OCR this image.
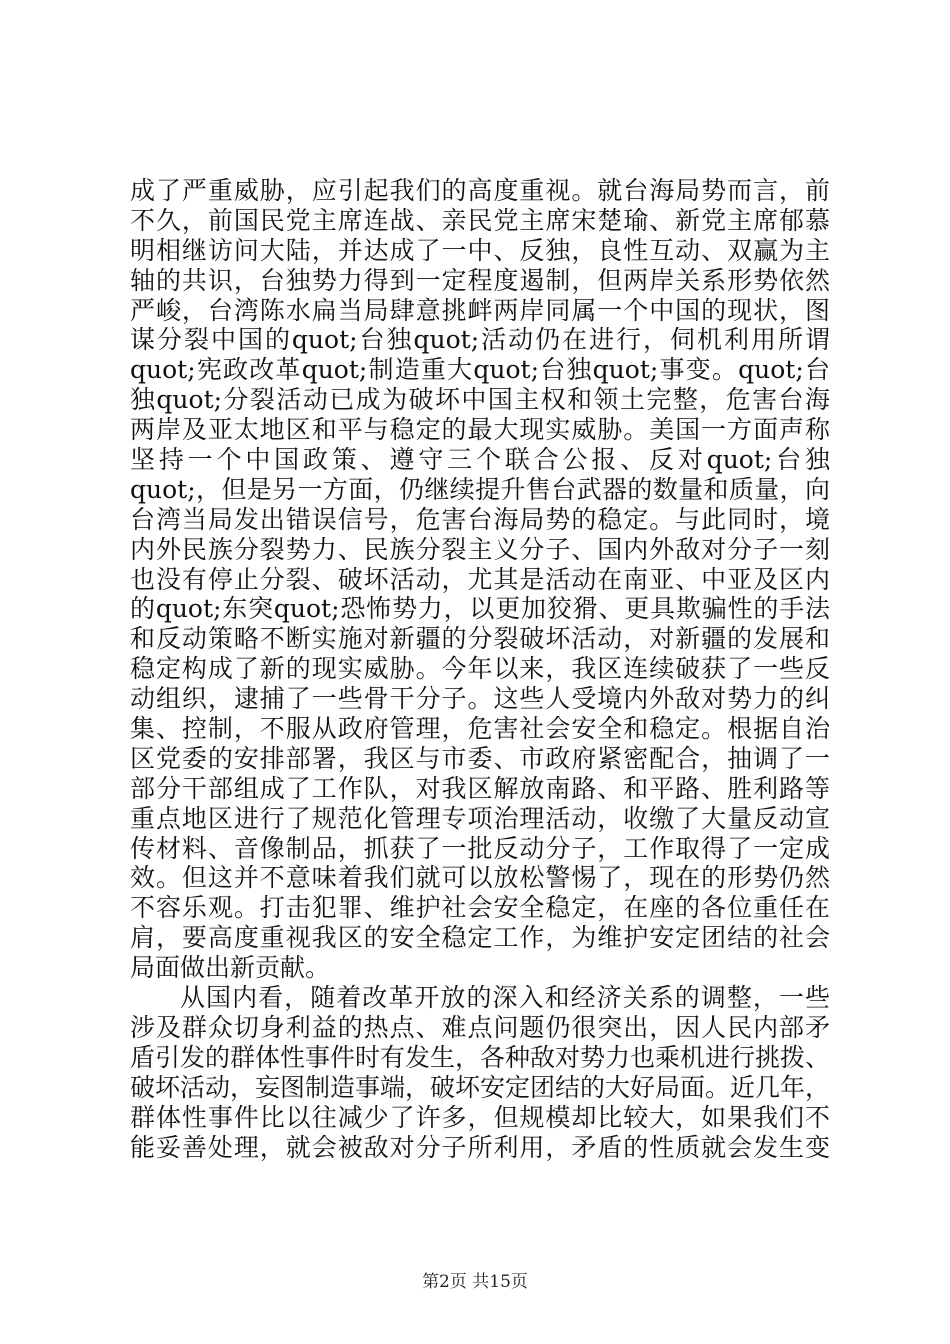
成了严重威胁，应引起我们的高度重视。就台海局势而言，前
不久，前国民党主席连战、亲民党主席宋楚瑜、新党主席郁慕
明相继访问大陆，并达成了一中、反独，良性互动、双赢为主
轴的共识，台独势力得到一定程度遏制，但两岸关系形势依然
严峻，台湾陈水扁当局肆意挑衅两岸同属一个中国的现状，图
谋分裂中国的quot;台独quot;活动仍在进行，伺机利用所谓
quot;宪政改革quot;制造重大quot;台独quot;事变。quot;台
独quot;分裂活动已成为破坏中国主权和领土完整，危害台海
两岸及亚太地区和平与稳定的最大现实威胁。美国一方面声称
坚持一个中国政策、遵守三个联合公报、反对quot;台独
quot;，但是另一方面，仍继续提升售台武器的数量和质量，向
台湾当局发出错误信号，危害台海局势的稳定。与此同时，境
内外民族分裂势力、民族分裂主义分子、国内外敌对分子一刻
也没有停止分裂、破坏活动，尤其是活动在南亚、中亚及区内
的quot;东突quot;恐怖势力，以更加狡猾、更具欺骗性的手法
和反动策略不断实施对新疆的分裂破坏活动，对新疆的发展和
稳定构成了新的现实威胁。今年以来，我区连续破获了一些反
动组织，逮捕了一些骨干分子。这些人受境内外敌对势力的纠
集、控制，不服从政府管理，危害社会安全和稳定。根据自治
区党委的安排部署，我区与市委、市政府紧密配合，抽调了一
部分干部组成了工作队，对我区解放南路、和平路、胜利路等
重点地区进行了规范化管理专项治理活动，收缴了大量反动宣
传材料、音像制品，抓获了一批反动分子，工作取得了一定成
效。但这并不意味着我们就可以放松警惕了，现在的形势仍然
不容乐观。打击犯罪、维护社会安全稳定，在座的各位重任在
肩，要高度重视我区的安全稳定工作，为维护安定团结的社会
局面做出新贡献。
从国内看，随着改革开放的深入和经济关系的调整，一些
涉及群众切身利益的热点、难点问题仍很突出，因人民内部矛
盾引发的群体性事件时有发生，各种敌对势力也乘机进行挑拨、
破坏活动，妄图制造事端，破坏安定团结的大好局面。近几年，
群体性事件比以往减少了许多，但规模却比较大，如果我们不
能妥善处理，就会被敌对分子所利用，矛盾的性质就会发生变
第2页 共15页
